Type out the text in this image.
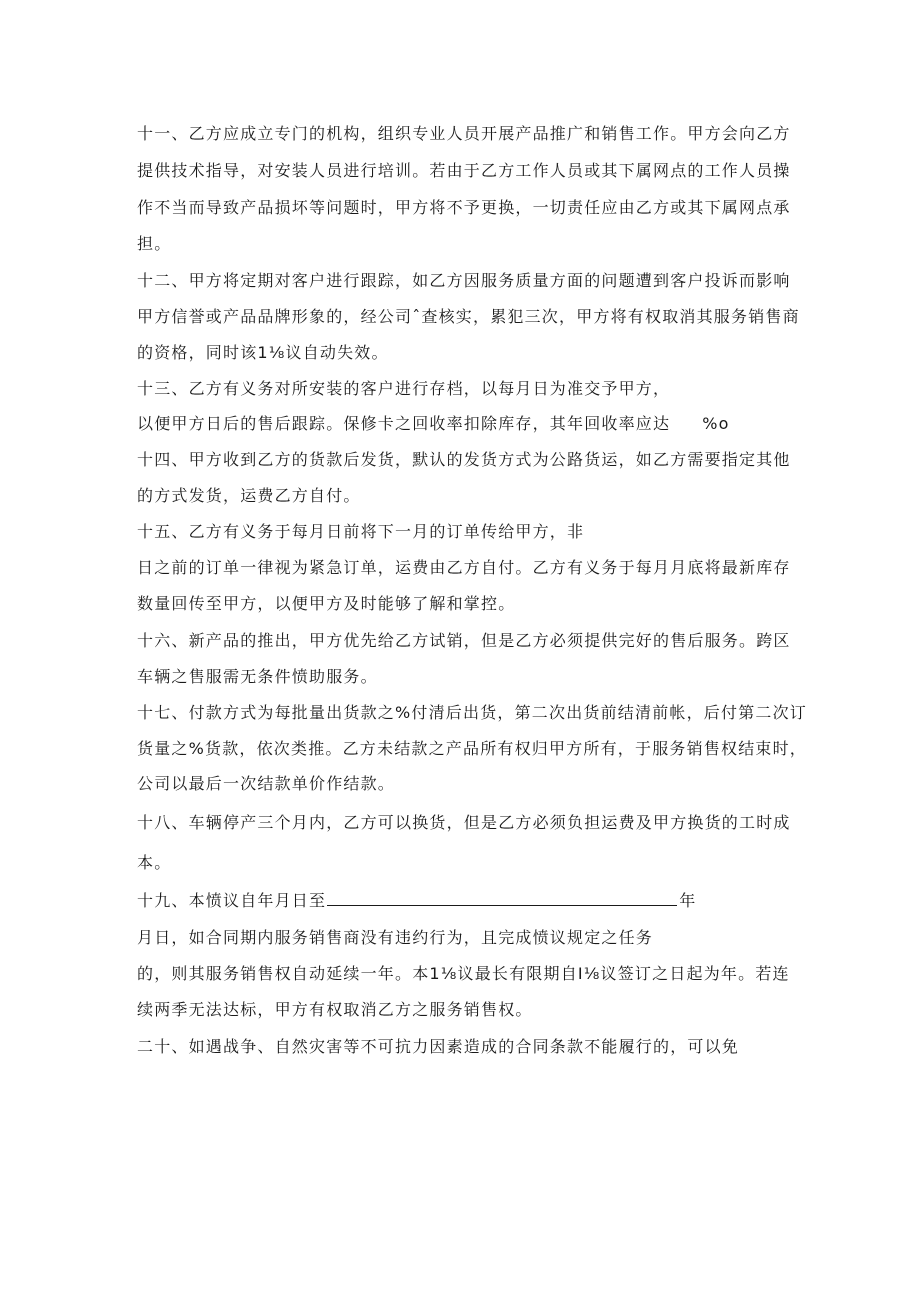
十一、乙方应成立专门的机构，组织专业人员开展产品推广和销售工作。甲方会向乙方
提供技术指导，对安装人员进行培训。若由于乙方工作人员或其下属网点的工作人员操
作不当而导致产品损坏等问题时，甲方将不予更换，一切责任应由乙方或其下属网点承
担。
十二、甲方将定期对客户进行跟踪，如乙方因服务质量方面的问题遭到客户投诉而影响
甲方信誉或产品品牌形象的，经公司ˆ查核实，累犯三次，甲方将有权取消其服务销售商
的资格，同时该1⅛议自动失效。
十三、乙方有义务对所安装的客户进行存档，以每月日为准交予甲方，
以便甲方日后的售后跟踪。保修卡之回收率扣除库存，其年回收率应达 %o
十四、甲方收到乙方的货款后发货，默认的发货方式为公路货运，如乙方需要指定其他
的方式发货，运费乙方自付。
十五、乙方有义务于每月日前将下一月的订单传给甲方，非
日之前的订单一律视为紧急订单，运费由乙方自付。乙方有义务于每月月底将最新库存
数量回传至甲方，以便甲方及时能够了解和掌控。
十六、新产品的推出，甲方优先给乙方试销，但是乙方必须提供完好的售后服务。跨区
车辆之售服需无条件愤助服务。
十七、付款方式为每批量出货款之%付清后出货，第二次出货前结清前帐，后付第二次订
货量之%货款，依次类推。乙方未结款之产品所有权归甲方所有，于服务销售权结束时，
公司以最后一次结款单价作结款。
十八、车辆停产三个月内，乙方可以换货，但是乙方必须负担运费及甲方换货的工时成
本。
十九、本愤议自年月日至	年
月日，如合同期内服务销售商没有违约行为，且完成愤议规定之任务
的，则其服务销售权自动延续一年。本1⅛议最长有限期自I⅛议签订之日起为年。若连
续两季无法达标，甲方有权取消乙方之服务销售权。
二十、如遇战争、自然灾害等不可抗力因素造成的合同条款不能履行的，可以免
